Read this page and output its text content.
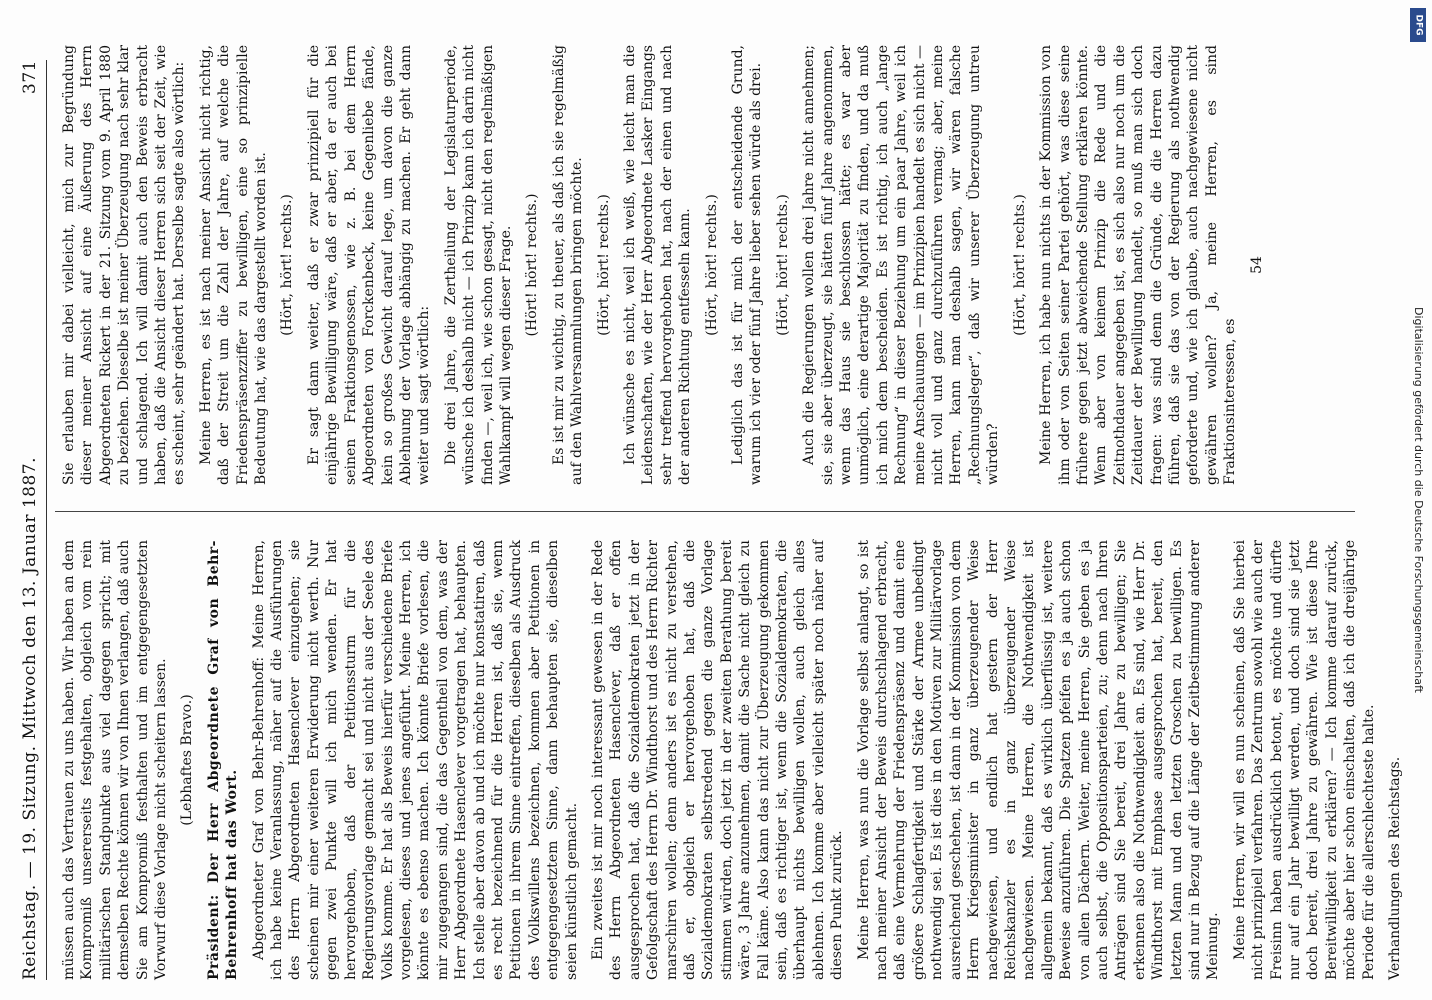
Reichstag. — 19. Sitzung. Mittwoch den 13. Januar 1887.
371

müssen auch das Vertrauen zu uns haben. Wir haben an dem Kompromiß unsererseits festgehalten, obgleich vom rein militärischen Standpunkte aus viel dagegen spricht; mit demselben Rechte können wir von Ihnen verlangen, daß auch Sie am Kompromiß festhalten und im entgegengesetzten Vorwurf diese Vorlage nicht scheitern lassen. (Lebhaftes Bravo.) Präsident: Der Herr Abgeordnete Graf von Behr-Behrenhoff hat das Wort. Abgeordneter Graf von Behr-Behrenhoff: Meine Herren, ich habe keine Veranlassung, näher auf die Ausführungen des Herrn Abgeordneten Hasenclever einzugehen; sie scheinen mir einer weiteren Erwiderung nicht werth. Nur gegen zwei Punkte will ich mich wenden. Er hat hervorgehoben, daß der Petitionssturm für die Regierungsvorlage gemacht sei und nicht aus der Seele des Volks komme. Er hat als Beweis hierfür verschiedene Briefe vorgelesen, dieses und jenes angeführt. Meine Herren, ich könnte es ebenso machen. Ich könnte Briefe vorlesen, die mir zugegangen sind, die das Gegentheil von dem, was der Herr Abgeordnete Hasenclever vorgetragen hat, behaupten. Ich stelle aber davon ab und ich möchte nur konstatiren, daß es recht bezeichnend für die Herren ist, daß sie, wenn Petitionen in ihrem Sinne eintreffen, dieselben als Ausdruck des Volkswillens bezeichnen, kommen aber Petitionen in entgegengesetztem Sinne, dann behaupten sie, dieselben seien künstlich gemacht. Ein zweites ist mir noch interessant gewesen in der Rede des Herrn Abgeordneten Hasenclever, daß er offen ausgesprochen hat, daß die Sozialdemokraten jetzt in der Gefolgschaft des Herrn Dr. Windthorst und des Herrn Richter marschiren wollen; denn anders ist es nicht zu verstehen, daß er, obgleich er hervorgehoben hat, daß die Sozialdemokraten selbstredend gegen die ganze Vorlage stimmen würden, doch jetzt in der zweiten Berathung bereit wäre, 3 Jahre anzunehmen, damit die Sache nicht gleich zu Fall käme. Also kann das nicht zur Überzeugung gekommen sein, daß es richtiger ist, wenn die Sozialdemokraten, die überhaupt nichts bewilligen wollen, auch gleich alles ablehnen. Ich komme aber vielleicht später noch näher auf diesen Punkt zurück. Meine Herren, was nun die Vorlage selbst anlangt, so ist nach meiner Ansicht der Beweis durchschlagend erbracht, daß eine Vermehrung der Friedenspräsenz und damit eine größere Schlagfertigkeit und Stärke der Armee unbedingt nothwendig sei. Es ist dies in den Motiven zur Militärvorlage ausreichend geschehen, ist dann in der Kommission von dem Herrn Kriegsminister in ganz überzeugender Weise nachgewiesen, und endlich hat gestern der Herr Reichskanzler es in ganz überzeugender Weise nachgewiesen. Meine Herren, die Nothwendigkeit ist allgemein bekannt, daß es wirklich überflüssig ist, weitere Beweise anzuführen. Die Spatzen pfeifen es ja auch schon von allen Dächern. Weiter, meine Herren, Sie geben es ja auch selbst, die Oppositionsparteien, zu; denn nach Ihren Anträgen sind Sie bereit, drei Jahre zu bewilligen; Sie erkennen also die Nothwendigkeit an. Es sind, wie Herr Dr. Windthorst mit Emphase ausgesprochen hat, bereit, den letzten Mann und den letzten Groschen zu bewilligen. Es sind nur in Bezug auf die Länge der Zeitbestimmung anderer Meinung. Meine Herren, wir will es nun scheinen, daß Sie hierbei nicht prinzipiell verfahren. Das Zentrum sowohl wie auch der Freisinn haben ausdrücklich betont, es möchte und dürfte nur auf ein Jahr bewilligt werden, und doch sind sie jetzt doch bereit, drei Jahre zu gewähren. Wie ist diese Ihre Bereitwilligkeit zu erklären? — Ich komme darauf zurück, möchte aber hier schon einschalten, daß ich die dreijährige Periode für die allerschlechteste halte. Verhandlungen des Reichstags.

Sie erlauben mir dabei vielleicht, mich zur Begründung dieser meiner Ansicht auf eine Äußerung des Herrn Abgeordneten Rickert in der 21. Sitzung vom 9. April 1880 zu beziehen. Dieselbe ist meiner Überzeugung nach sehr klar und schlagend. Ich will damit auch den Beweis erbracht haben, daß die Ansicht dieser Herren sich seit der Zeit, wie es scheint, sehr geändert hat. Derselbe sagte also wörtlich: Meine Herren, es ist nach meiner Ansicht nicht richtig, daß der Streit um die Zahl der Jahre, auf welche die Friedenspräsenzziffer zu bewilligen, eine so prinzipielle Bedeutung hat, wie das dargestellt worden ist. (Hört, hört! rechts.) Er sagt dann weiter, daß er zwar prinzipiell für die einjährige Bewilligung wäre, daß er aber, da er auch bei seinen Fraktionsgenossen, wie z. B. bei dem Herrn Abgeordneten von Forckenbeck, keine Gegenliebe fände, kein so großes Gewicht darauf lege, um davon die ganze Ablehnung der Vorlage abhängig zu machen. Er geht dann weiter und sagt wörtlich: Die drei Jahre, die Zertheilung der Legislaturperiode, wünsche ich deshalb nicht — ich Prinzip kann ich darin nicht finden —, weil ich, wie schon gesagt, nicht den regelmäßigen Wahlkampf will wegen dieser Frage. (Hört! hört! rechts.) Es ist mir zu wichtig, zu theuer, als daß ich sie regelmäßig auf den Wahlversammlungen bringen möchte. (Hört, hört! rechts.) Ich wünsche es nicht, weil ich weiß, wie leicht man die Leidenschaften, wie der Herr Abgeordnete Lasker Eingangs sehr treffend hervorgehoben hat, nach der einen und nach der anderen Richtung entfesseln kann. (Hört, hört! rechts.) Lediglich das ist für mich der entscheidende Grund, warum ich vier oder fünf Jahre lieber sehen würde als drei. (Hört, hört! rechts.) Auch die Regierungen wollen drei Jahre nicht annehmen; sie, sie aber überzeugt, sie hätten fünf Jahre angenommen, wenn das Haus sie beschlossen hätte; es war aber unmöglich, eine derartige Majorität zu finden, und da muß ich mich dem bescheiden. Es ist richtig, ich auch „lange Rechnung“ in dieser Beziehung um ein paar Jahre, weil ich meine Anschauungen — im Prinzipien handelt es sich nicht — nicht voll und ganz durchzuführen vermag; aber, meine Herren, kann man deshalb sagen, wir wären falsche „Rechnungsleger“, daß wir unserer Überzeugung untreu würden?

(Hört, hört! rechts.) Meine Herren, ich habe nun nichts in der Kommission von ihm oder von Seiten seiner Partei gehört, was diese seine frühere gegen jetzt abweichende Stellung erklären könnte. Wenn aber von keinem Prinzip die Rede und die Zeitnothdauer angegeben ist, es sich also nur noch um die Zeitdauer der Bewilligung handelt, so muß man sich doch fragen: was sind denn die Gründe, die die Herren dazu führen, daß sie das von der Regierung als nothwendig geforderte und, wie ich glaube, auch nachgewiesene nicht gewähren wollen? Ja, meine Herren, es sind Fraktionsinteressen, es

54

DFG
Digitalisierung gefördert durch die Deutsche Forschungsgemeinschaft
